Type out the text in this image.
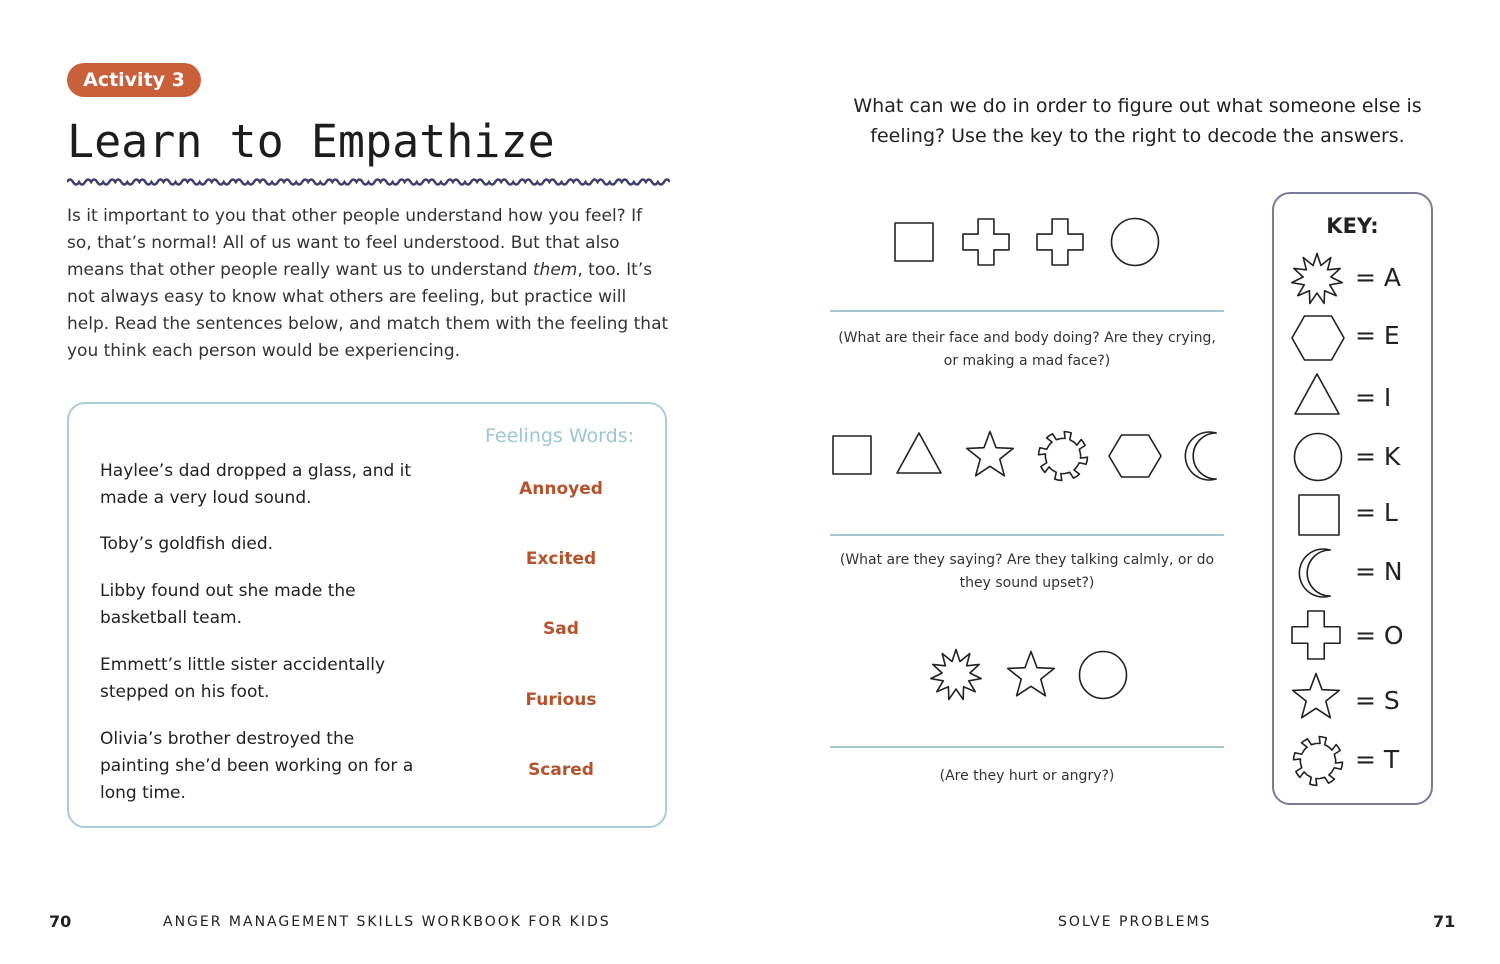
Activity 3
Learn to Empathize
Is it important to you that other people understand how you feel? If so, that’s normal! All of us want to feel understood. But that also means that other people really want us to understand them, too. It’s not always easy to know what others are feeling, but practice will help. Read the sentences below, and match them with the feeling that you think each person would be experiencing.
Feelings Words:
Haylee’s dad dropped a glass, and it made a very loud sound.
Toby’s goldfish died.
Libby found out she made the basketball team.
Emmett’s little sister accidentally stepped on his foot.
Olivia’s brother destroyed the painting she’d been working on for a long time.
Annoyed
Excited
Sad
Furious
Scared
What can we do in order to figure out what someone else is feeling? Use the key to the right to decode the answers.
(What are their face and body doing? Are they crying, or making a mad face?)
(What are they saying? Are they talking calmly, or do they sound upset?)
(Are they hurt or angry?)
KEY:
= A
= E
= I
= K
= L
= N
= O
= S
= T
70	ANGER MANAGEMENT SKILLS WORKBOOK FOR KIDS	SOLVE PROBLEMS	71
